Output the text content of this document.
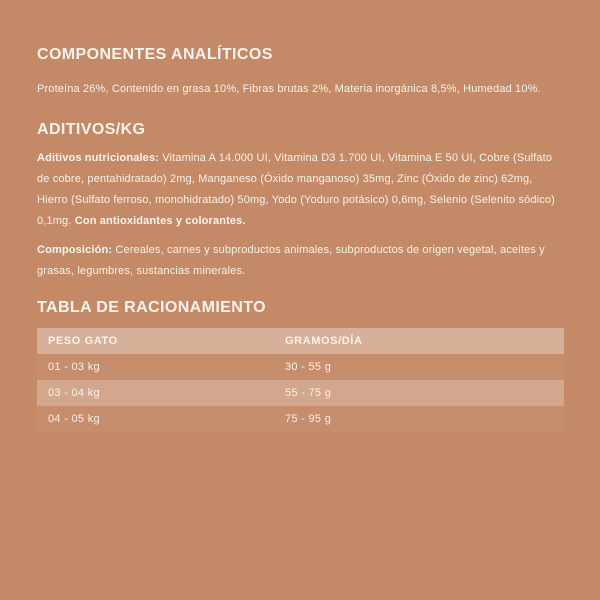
COMPONENTES ANALÍTICOS

Proteína 26%, Contenido en grasa 10%, Fibras brutas 2%, Materia inorgánica 8,5%, Humedad 10%.

ADITIVOS/KG

Aditivos nutricionales: Vitamina A 14.000 UI, Vitamina D3 1.700 UI, Vitamina E 50 UI, Cobre (Sulfato de cobre, pentahidratado) 2mg, Manganeso (Óxido manganoso) 35mg, Zinc (Óxido de zinc) 62mg, Hierro (Sulfato ferroso, monohidratado) 50mg, Yodo (Yoduro potásico) 0,6mg, Selenio (Selenito sódico) 0,1mg. Con antioxidantes y colorantes.

Composición: Cereales, carnes y subproductos animales, subproductos de origen vegetal, aceites y grasas, legumbres, sustancias minerales.

TABLA DE RACIONAMIENTO
PESO GATO	GRAMOS/DÍA
01 - 03 kg	30 - 55 g
03 - 04 kg	55 - 75 g
04 - 05 kg	75 - 95 g
